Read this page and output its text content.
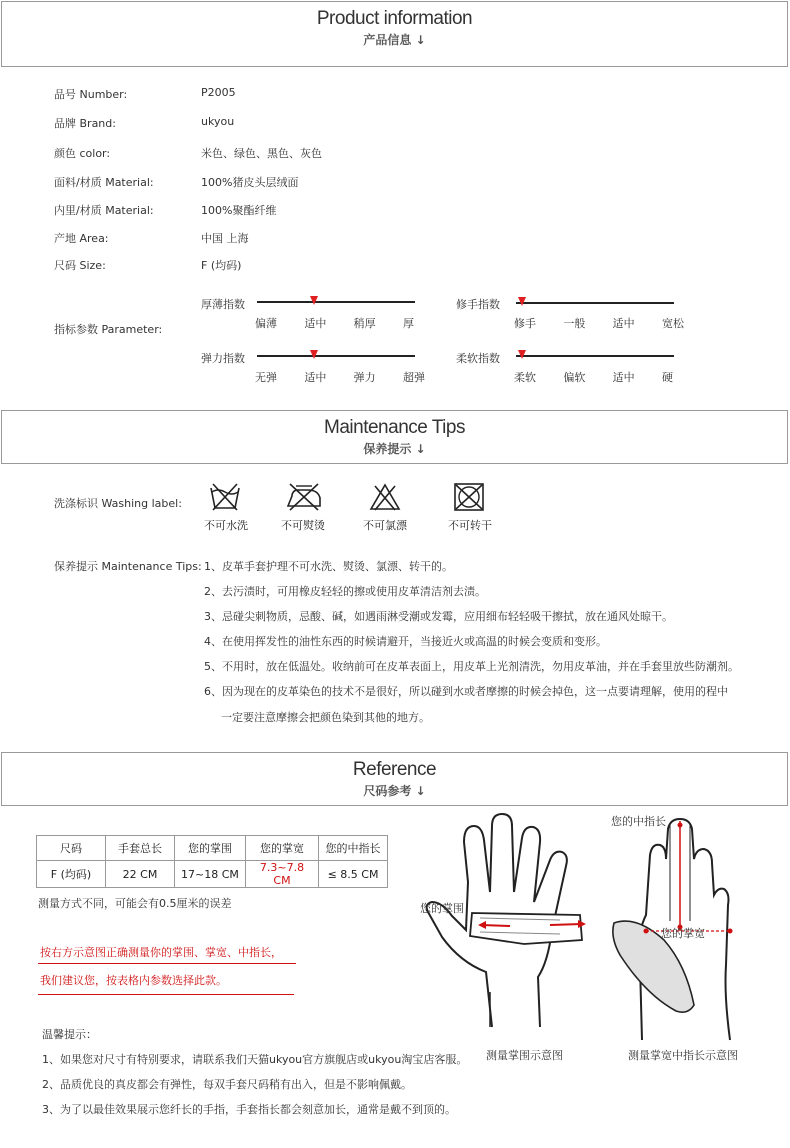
Product information
产品信息 ↓
品号 Number:	P2005
品牌 Brand:	ukyou
颜色 color:	米色、绿色、黑色、灰色
面料/材质 Material:	100%猪皮头层绒面
内里/材质 Material:	100%聚酯纤维
产地 Area:	中国 上海
尺码 Size:	F (均码)
指标参数 Parameter:
厚薄指数
偏薄 适中 稍厚 厚
修手指数
修手 一般 适中 宽松
弹力指数
无弹 适中 弹力 超弹
柔软指数
柔软 偏软 适中 硬
Maintenance Tips
保养提示 ↓
洗涤标识 Washing label:
不可水洗	不可熨烫	不可氯漂	不可转干
保养提示 Maintenance Tips: 1、皮革手套护理不可水洗、熨烫、氯漂、转干的。
2、去污渍时，可用橡皮轻轻的擦或使用皮革清洁剂去渍。
3、忌碰尖刺物质，忌酸、碱，如遇雨淋受潮或发霉，应用细布轻轻吸干擦拭，放在通风处晾干。
4、在使用挥发性的油性东西的时候请避开，当接近火或高温的时候会变质和变形。
5、不用时，放在低温处。收纳前可在皮革表面上，用皮革上光剂清洗，勿用皮革油，并在手套里放些防潮剂。
6、因为现在的皮革染色的技术不是很好，所以碰到水或者摩擦的时候会掉色，这一点要请理解，使用的程中
一定要注意摩擦会把颜色染到其他的地方。
Reference
尺码参考 ↓
尺码	手套总长	您的掌围	您的掌宽	您的中指长
F (均码)	22 CM	17~18 CM	7.3~7.8 CM	≤ 8.5 CM
测量方式不同，可能会有0.5厘米的误差
按右方示意图正确测量你的掌围、掌宽、中指长，
我们建议您，按表格内参数选择此款。
温馨提示：
1、如果您对尺寸有特别要求，请联系我们天猫ukyou官方旗舰店或ukyou淘宝店客服。
2、品质优良的真皮都会有弹性，每双手套尺码稍有出入，但是不影响佩戴。
3、为了以最佳效果展示您纤长的手指，手套指长都会刻意加长，通常是戴不到顶的。
您的掌围
测量掌围示意图
您的中指长
您的掌宽
测量掌宽中指长示意图
